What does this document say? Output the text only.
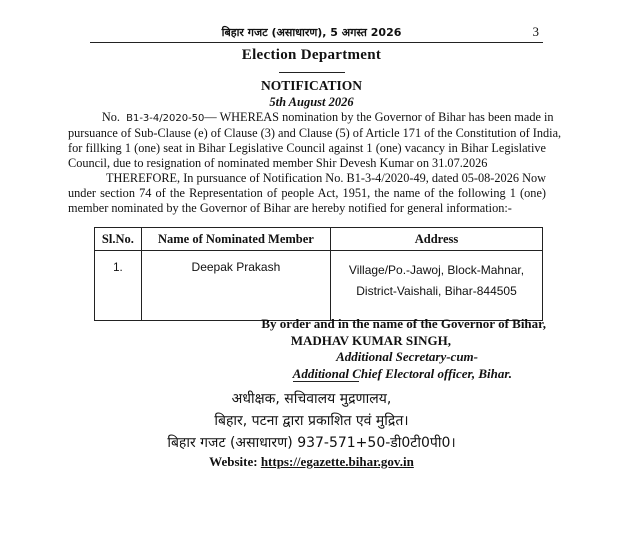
बिहार गजट (असाधारण), 5 अगस्त 2026	3
Election Department
NOTIFICATION
5th August 2026
No. B1-3-4/2020-50— WHEREAS nomination by the Governor of Bihar has been made in
pursuance of Sub-Clause (e) of Clause (3) and Clause (5) of Article 171 of the Constitution of India,
for fillking 1 (one) seat in Bihar Legislative Council against 1 (one) vacancy in Bihar Legislative
Council, due to resignation of nominated member Shir Devesh Kumar on 31.07.2026
THEREFORE, In pursuance of Notification No. B1-3-4/2020-49, dated 05-08-2026 Now
under section 74 of the Representation of people Act, 1951, the name of the following 1 (one)
member nominated by the Governor of Bihar are hereby notified for general information:-
Sl.No.	Name of Nominated Member	Address
1.	Deepak Prakash	Village/Po.-Jawoj, Block-Mahnar,
District-Vaishali, Bihar-844505
By order and in the name of the Governor of Bihar,
MADHAV KUMAR SINGH,
Additional Secretary-cum-
Additional Chief Electoral officer, Bihar.
अधीक्षक, सचिवालय मुद्रणालय,
बिहार, पटना द्वारा प्रकाशित एवं मुद्रित।
बिहार गजट (असाधारण) 937-571+50-डी0टी0पी0।
Website: https://egazette.bihar.gov.in
